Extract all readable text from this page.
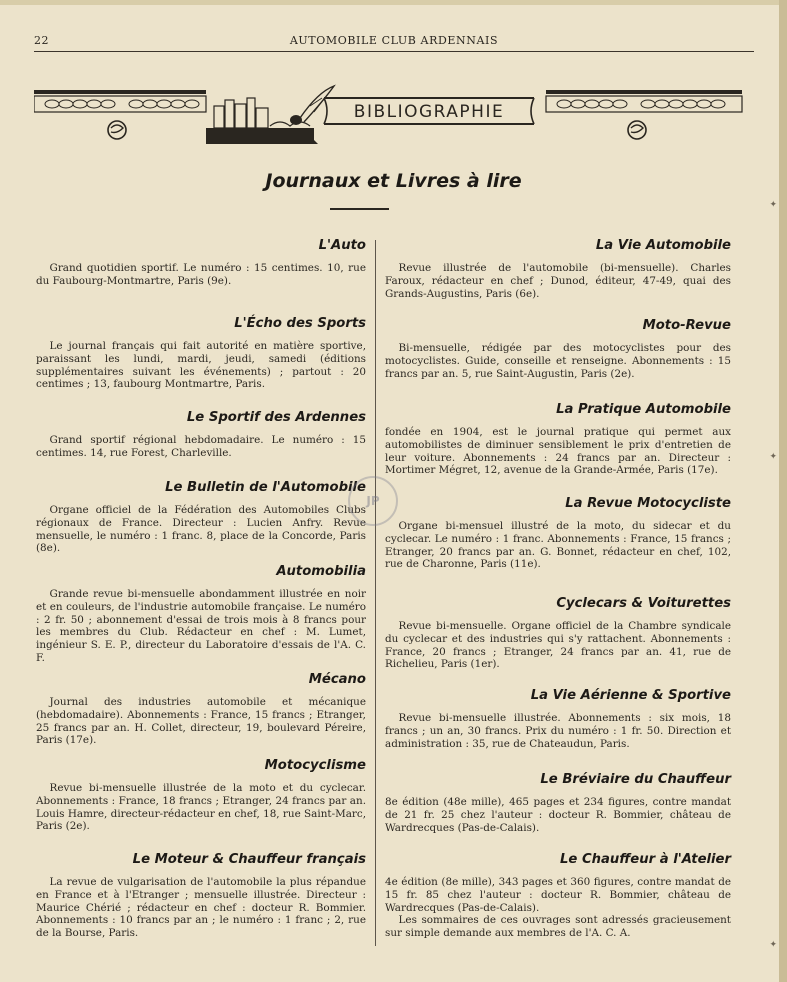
22	AUTOMOBILE CLUB ARDENNAIS
BIBLIOGRAPHIE
Journaux et Livres à lire
L'Auto

Grand quotidien sportif. Le numéro : 15 centimes. 10, rue du Faubourg-Montmartre, Paris (9e).

L'Écho des Sports

Le journal français qui fait autorité en matière sportive, paraissant les lundi, mardi, jeudi, samedi (éditions supplémentaires suivant les événements) ; partout : 20 centimes ; 13, faubourg Montmartre, Paris.

Le Sportif des Ardennes

Grand sportif régional hebdomadaire. Le numéro : 15 centimes. 14, rue Forest, Charleville.

Le Bulletin de l'Automobile

Organe officiel de la Fédération des Automobiles Clubs régionaux de France. Directeur : Lucien Anfry. Revue mensuelle, le numéro : 1 franc. 8, place de la Concorde, Paris (8e).

Automobilia

Grande revue bi-mensuelle abondamment illustrée en noir et en couleurs, de l'industrie automobile française. Le numéro : 2 fr. 50 ; abonnement d'essai de trois mois à 8 francs pour les membres du Club. Rédacteur en chef : M. Lumet, ingénieur S. E. P., directeur du Laboratoire d'essais de l'A. C. F.

Mécano

Journal des industries automobile et mécanique (hebdomadaire). Abonnements : France, 15 francs ; Etranger, 25 francs par an. H. Collet, directeur, 19, boulevard Péreire, Paris (17e).

Motocyclisme

Revue bi-mensuelle illustrée de la moto et du cyclecar. Abonnements : France, 18 francs ; Etranger, 24 francs par an. Louis Hamre, directeur-rédacteur en chef, 18, rue Saint-Marc, Paris (2e).

Le Moteur & Chauffeur français

La revue de vulgarisation de l'automobile la plus répandue en France et à l'Etranger ; mensuelle illustrée. Directeur : Maurice Chérié ; rédacteur en chef : docteur R. Bommier. Abonnements : 10 francs par an ; le numéro : 1 franc ; 2, rue de la Bourse, Paris.

La Vie Automobile

Revue illustrée de l'automobile (bi-mensuelle). Charles Faroux, rédacteur en chef ; Dunod, éditeur, 47-49, quai des Grands-Augustins, Paris (6e).

Moto-Revue

Bi-mensuelle, rédigée par des motocyclistes pour des motocyclistes. Guide, conseille et renseigne. Abonnements : 15 francs par an. 5, rue Saint-Augustin, Paris (2e).

La Pratique Automobile

fondée en 1904, est le journal pratique qui permet aux automobilistes de diminuer sensiblement le prix d'entretien de leur voiture. Abonnements : 24 francs par an. Directeur : Mortimer Mégret, 12, avenue de la Grande-Armée, Paris (17e).

La Revue Motocycliste

Organe bi-mensuel illustré de la moto, du sidecar et du cyclecar. Le numéro : 1 franc. Abonnements : France, 15 francs ; Etranger, 20 francs par an. G. Bonnet, rédacteur en chef, 102, rue de Charonne, Paris (11e).

Cyclecars & Voiturettes

Revue bi-mensuelle. Organe officiel de la Chambre syndicale du cyclecar et des industries qui s'y rattachent. Abonnements : France, 20 francs ; Etranger, 24 francs par an. 41, rue de Richelieu, Paris (1er).

La Vie Aérienne & Sportive

Revue bi-mensuelle illustrée. Abonnements : six mois, 18 francs ; un an, 30 francs. Prix du numéro : 1 fr. 50. Direction et administration : 35, rue de Chateaudun, Paris.

Le Bréviaire du Chauffeur

8e édition (48e mille), 465 pages et 234 figures, contre mandat de 21 fr. 25 chez l'auteur : docteur R. Bommier, château de Wardrecques (Pas-de-Calais).

Le Chauffeur à l'Atelier

4e édition (8e mille), 343 pages et 360 figures, contre mandat de 15 fr. 85 chez l'auteur : docteur R. Bommier, château de Wardrecques (Pas-de-Calais).

Les sommaires de ces ouvrages sont adressés gracieusement sur simple demande aux membres de l'A. C. A.

JP
✦
✦
✦
